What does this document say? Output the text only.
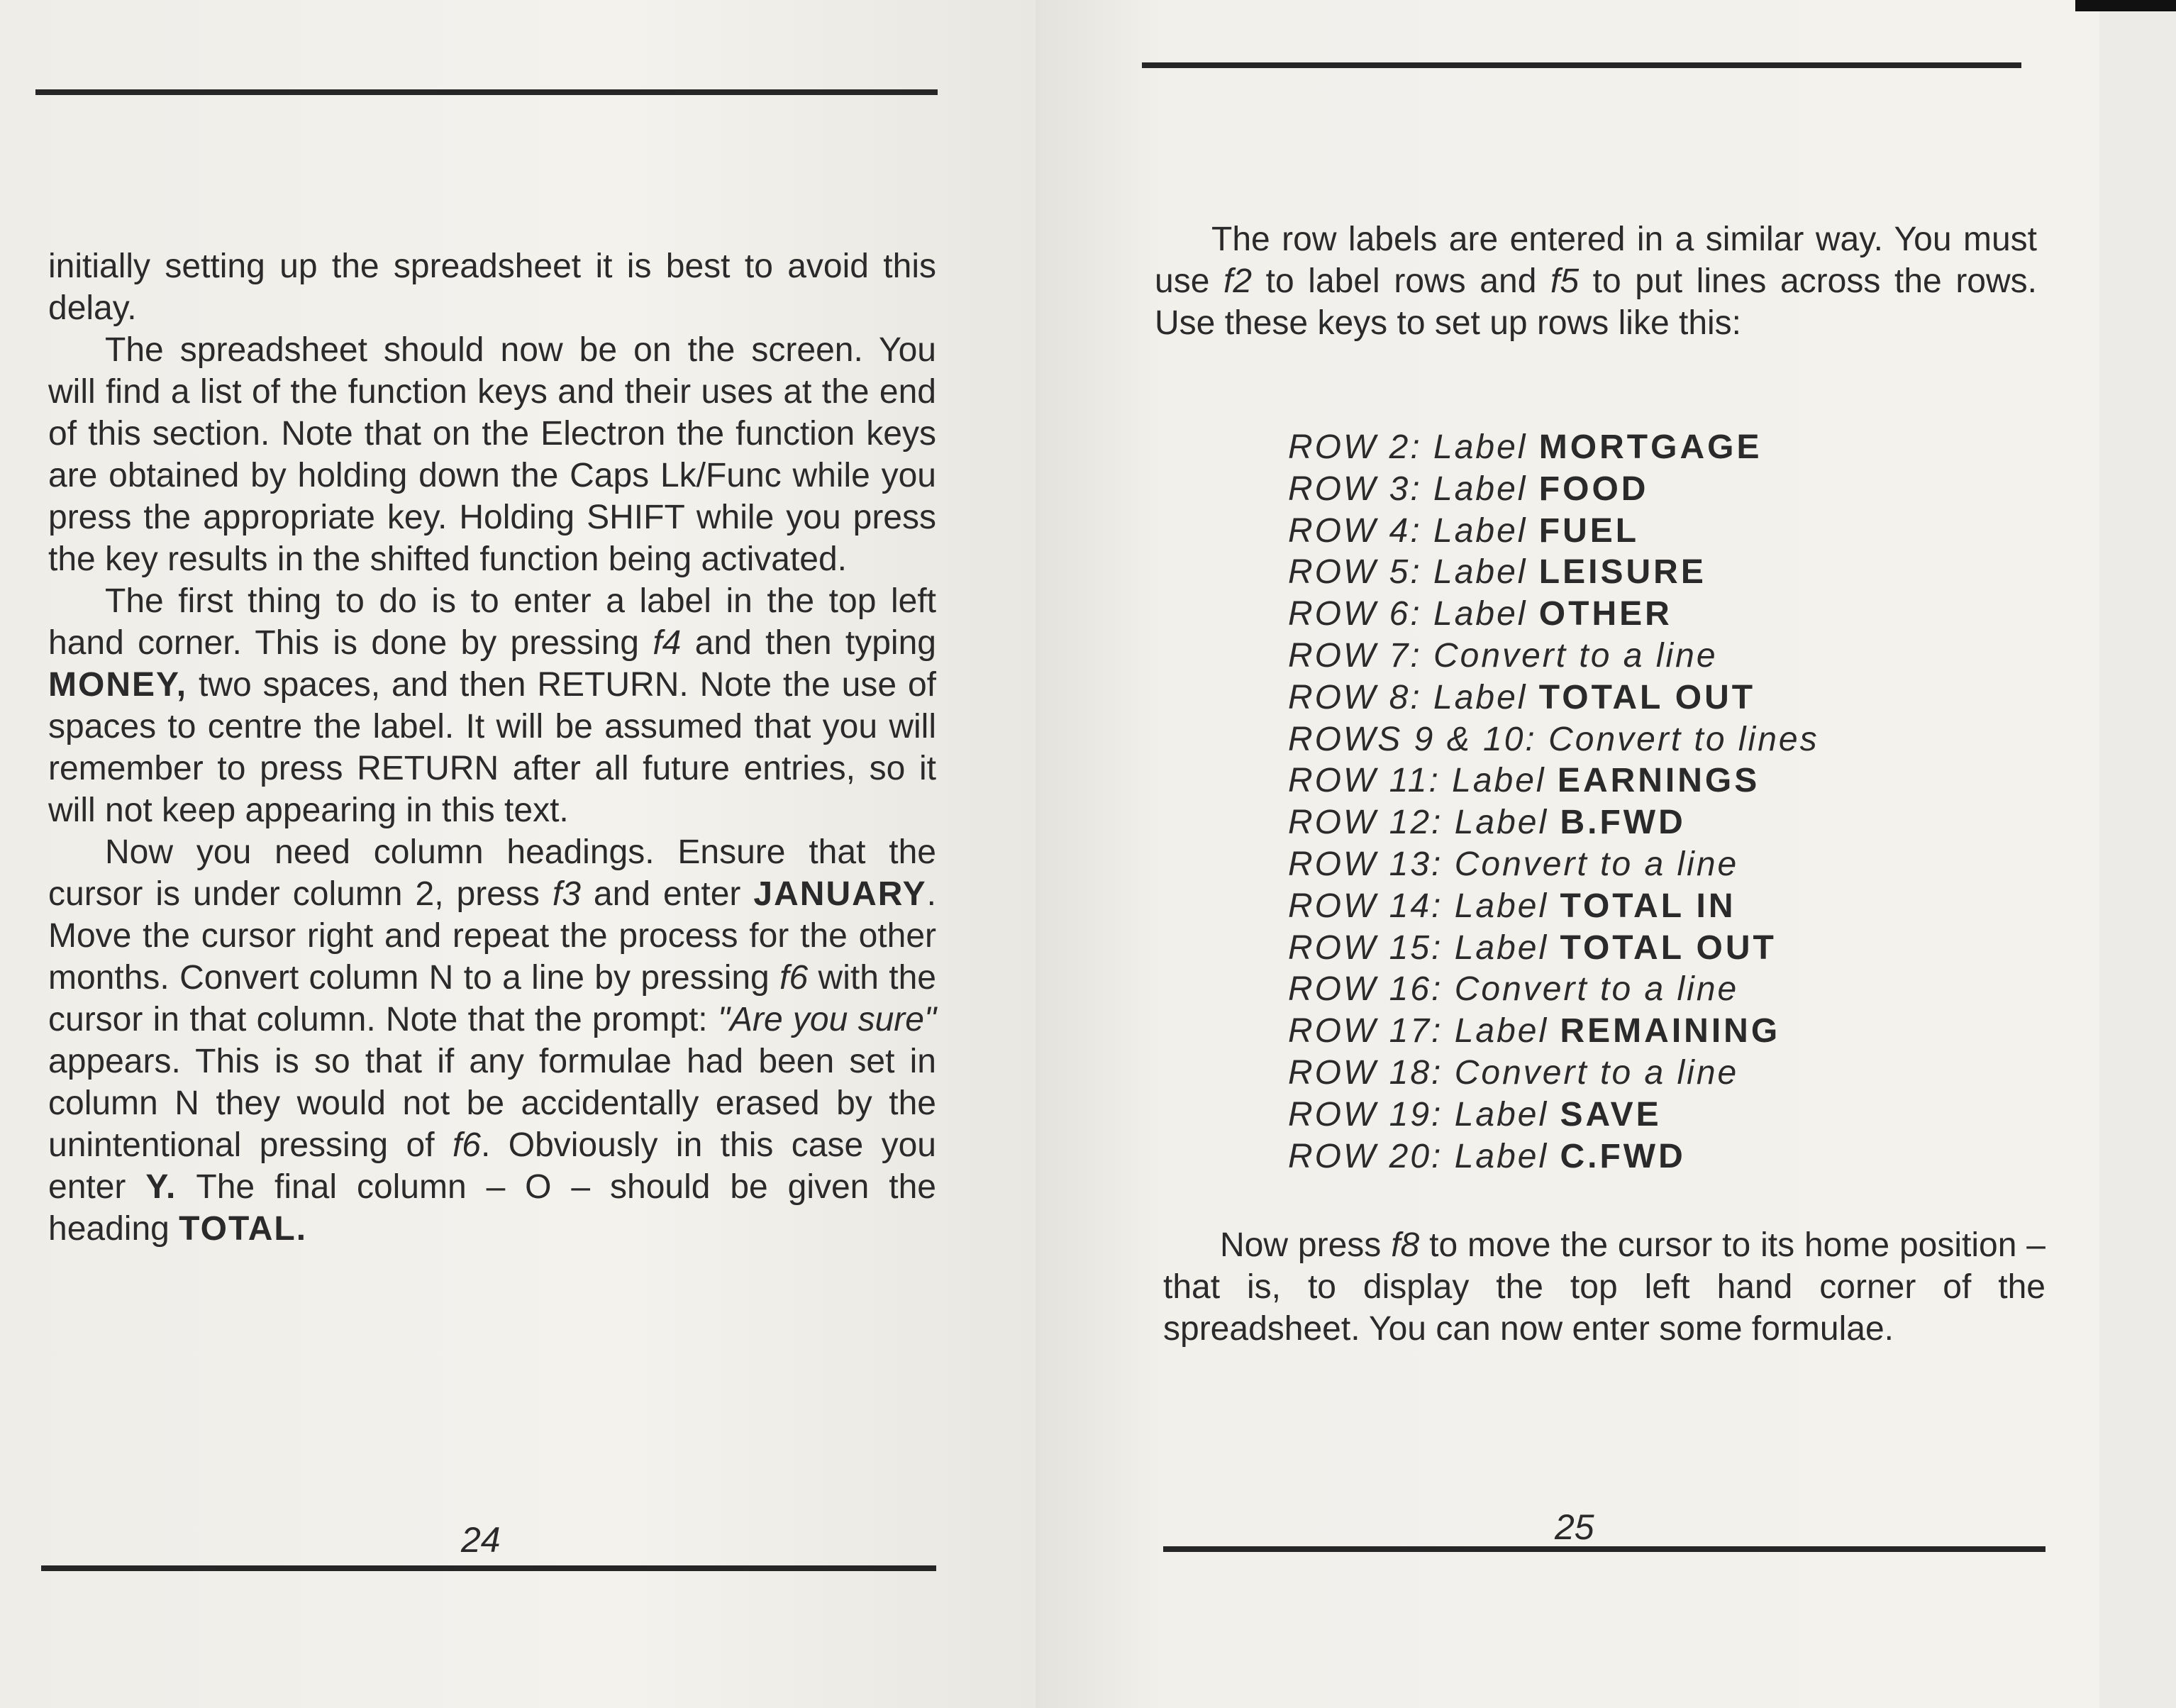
initially setting up the spreadsheet it is best to avoid this delay.

The spreadsheet should now be on the screen. You will find a list of the function keys and their uses at the end of this section. Note that on the Electron the function keys are obtained by holding down the Caps Lk/Func while you press the appropriate key. Holding SHIFT while you press the key results in the shifted function being activated.

The first thing to do is to enter a label in the top left hand corner. This is done by pressing f4 and then typing MONEY, two spaces, and then RETURN. Note the use of spaces to centre the label. It will be assumed that you will remember to press RETURN after all future entries, so it will not keep appearing in this text.

Now you need column headings. Ensure that the cursor is under column 2, press f3 and enter JANUARY. Move the cursor right and repeat the process for the other months. Convert column N to a line by pressing f6 with the cursor in that column. Note that the prompt: "Are you sure" appears. This is so that if any formulae had been set in column N they would not be accidentally erased by the unintentional pressing of f6. Obviously in this case you enter Y. The final column – O – should be given the heading TOTAL.

24

The row labels are entered in a similar way. You must use f2 to label rows and f5 to put lines across the rows. Use these keys to set up rows like this:

ROW 2: Label MORTGAGE
ROW 3: Label FOOD
ROW 4: Label FUEL
ROW 5: Label LEISURE
ROW 6: Label OTHER
ROW 7: Convert to a line
ROW 8: Label TOTAL OUT
ROWS 9 & 10: Convert to lines
ROW 11: Label EARNINGS
ROW 12: Label B.FWD
ROW 13: Convert to a line
ROW 14: Label TOTAL IN
ROW 15: Label TOTAL OUT
ROW 16: Convert to a line
ROW 17: Label REMAINING
ROW 18: Convert to a line
ROW 19: Label SAVE
ROW 20: Label C.FWD

Now press f8 to move the cursor to its home position – that is, to display the top left hand corner of the spreadsheet. You can now enter some formulae.

25
